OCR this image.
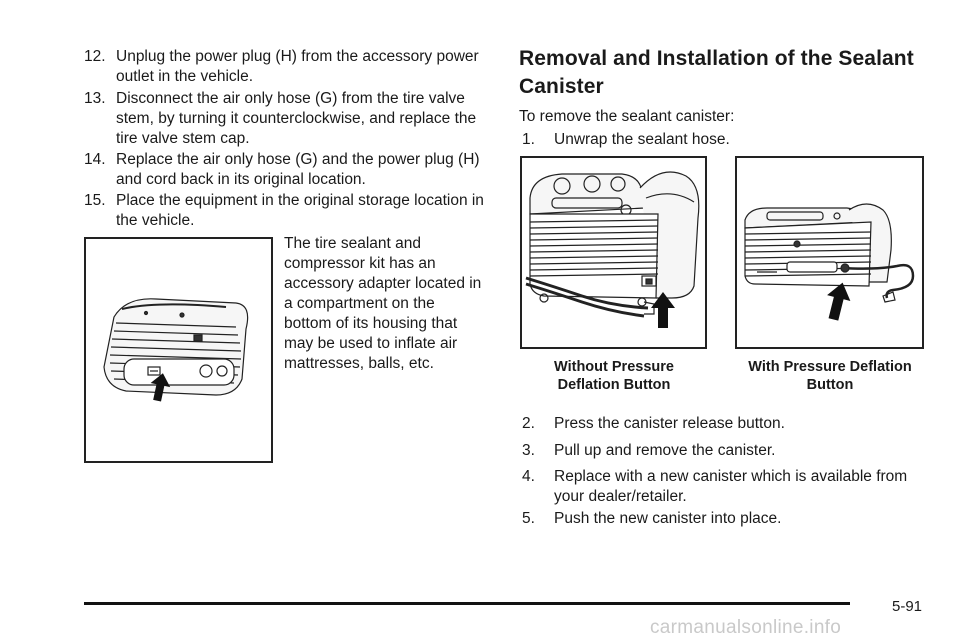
12. Unplug the power plug (H) from the accessory power outlet in the vehicle.
13. Disconnect the air only hose (G) from the tire valve stem, by turning it counterclockwise, and replace the tire valve stem cap.
14. Replace the air only hose (G) and the power plug (H) and cord back in its original location.
15. Place the equipment in the original storage location in the vehicle.
The tire sealant and compressor kit has an accessory adapter located in a compartment on the bottom of its housing that may be used to inflate air mattresses, balls, etc.
Removal and Installation of the Sealant Canister
To remove the sealant canister:
1. Unwrap the sealant hose.
Without Pressure Deflation Button
With Pressure Deflation Button
2. Press the canister release button.
3. Pull up and remove the canister.
4. Replace with a new canister which is available from your dealer/retailer.
5. Push the new canister into place.
5-91
carmanualsonline.info
